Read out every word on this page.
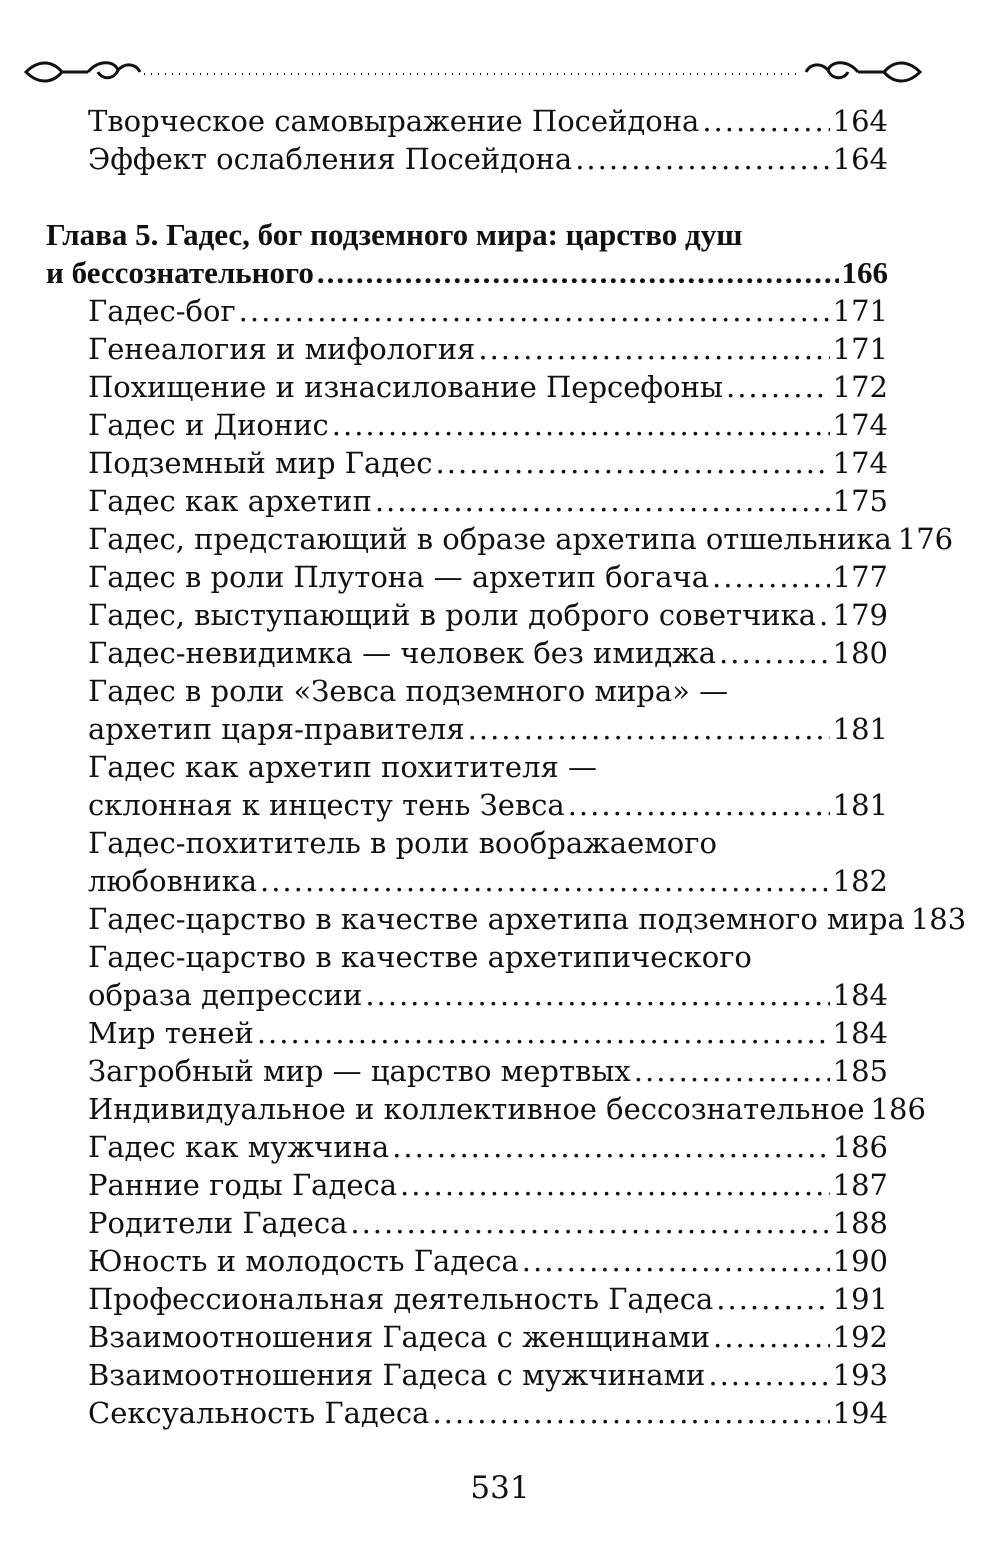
Творческое самовыражение Посейдона .....	164
Эффект ослабления Посейдона .....	164
Глава 5. Гадес, бог подземного мира: царство душ
и бессознательного .....	166
Гадес-бог .....	171
Генеалогия и мифология .....	171
Похищение и изнасилование Персефоны .....	172
Гадес и Дионис .....	174
Подземный мир Гадес .....	174
Гадес как архетип .....	175
Гадес, предстающий в образе архетипа отшельника 176
Гадес в роли Плутона — архетип богача .....	177
Гадес, выступающий в роли доброго советчика ..... 179
Гадес-невидимка — человек без имиджа .....	180
Гадес в роли «Зевса подземного мира» —
архетип царя-правителя .....	181
Гадес как архетип похитителя —
склонная к инцесту тень Зевса .....	181
Гадес-похититель в роли воображаемого
любовника .....	182
Гадес-царство в качестве архетипа подземного мира 183
Гадес-царство в качестве архетипического
образа депрессии .....	184
Мир теней .....	184
Загробный мир — царство мертвых .....	185
Индивидуальное и коллективное бессознательное 186
Гадес как мужчина .....	186
Ранние годы Гадеса .....	187
Родители Гадеса .....	188
Юность и молодость Гадеса .....	190
Профессиональная деятельность Гадеса .....	191
Взаимоотношения Гадеса с женщинами .....	192
Взаимоотношения Гадеса с мужчинами .....	193
Сексуальность Гадеса .....	194
531
